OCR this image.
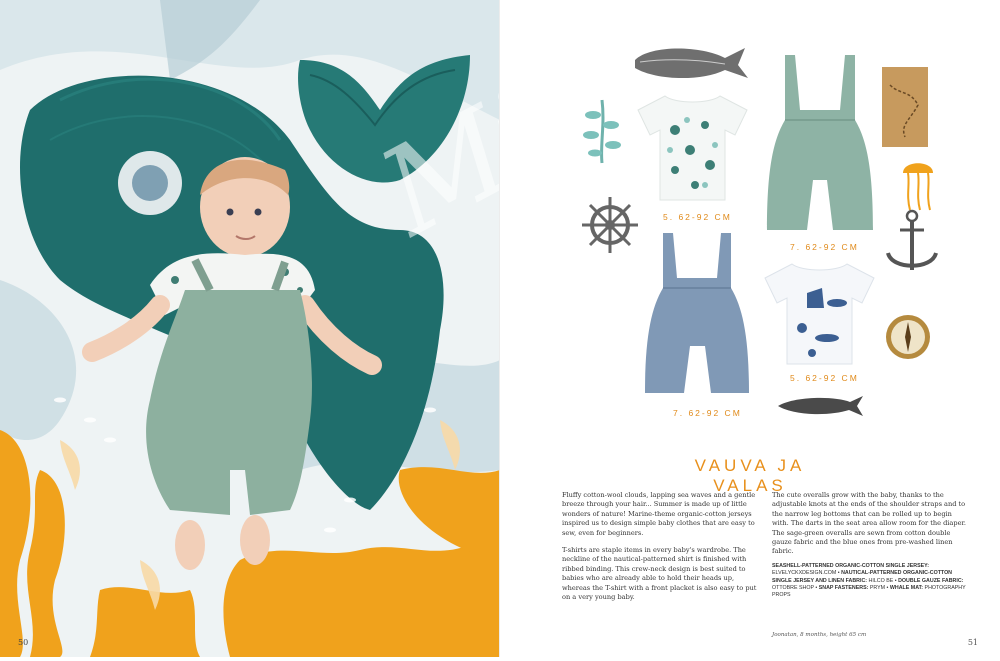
50
5. 62-92 CM
7. 62-92 CM
7. 62-92 CM
5. 62-92 CM
VAUVA JA VALAS

Fluffy cotton-wool clouds, lapping sea waves and a gentle breeze through your hair... Summer is made up of little wonders of nature! Marine-theme organic-cotton jerseys inspired us to design simple baby clothes that are easy to sew, even for beginners.

T-shirts are staple items in every baby's wardrobe. The neckline of the nautical-patterned shirt is finished with ribbed binding. This crew-neck design is best suited to babies who are already able to hold their heads up, whereas the T-shirt with a front placket is also easy to put on a very young baby.

The cute overalls grow with the baby, thanks to the adjustable knots at the ends of the shoulder straps and to the narrow leg bottoms that can be rolled up to begin with. The darts in the seat area allow room for the diaper. The sage-green overalls are sewn from cotton double gauze fabric and the blue ones from pre-washed linen fabric.

SEASHELL-PATTERNED ORGANIC-COTTON SINGLE JERSEY: ELVELYCKXDESIGN.COM • NAUTICAL-PATTERNED ORGANIC-COTTON SINGLE JERSEY AND LINEN FABRIC: HILCO BE • DOUBLE GAUZE FABRIC: OTTOBRE SHOP • SNAP FASTENERS: PRYM • WHALE MAT: PHOTOGRAPHY PROPS
Joonatan, 8 months, height 65 cm
51
